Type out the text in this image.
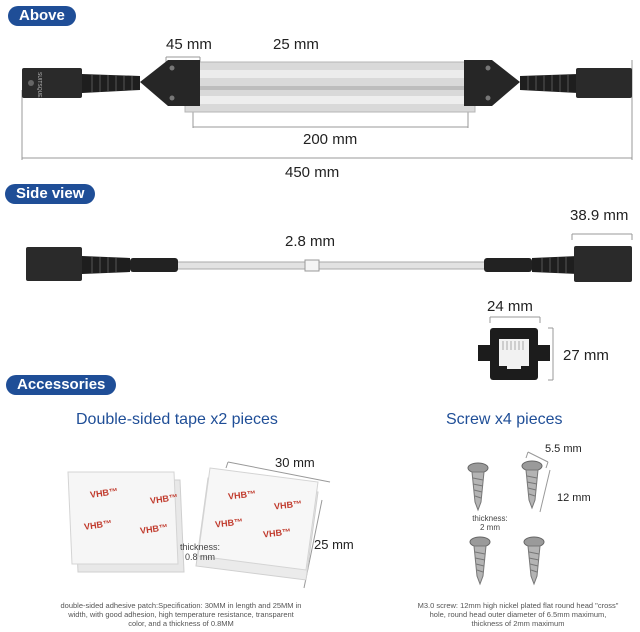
Above
Side view
Accessories
SUITSQUE
45 mm	25 mm
200 mm
450 mm
2.8 mm
38.9 mm
24 mm
27 mm
Double-sided tape x2 pieces	Screw x4 pieces
VHB™	VHB™
VHB™	VHB™
VHB™
VHB™
VHB™
VHB™
30 mm
25 mm
thickness:
0.8 mm
double-sided adhesive patch:Specification: 30MM in length and 25MM in
width, with good adhesion, high temperature resistance, transparent
color, and a thickness of 0.8MM
5.5 mm
12 mm
thickness:
2 mm
M3.0 screw: 12mm high nickel plated flat round head "cross"
hole, round head outer diameter of 6.5mm maximum,
thickness of 2mm maximum
